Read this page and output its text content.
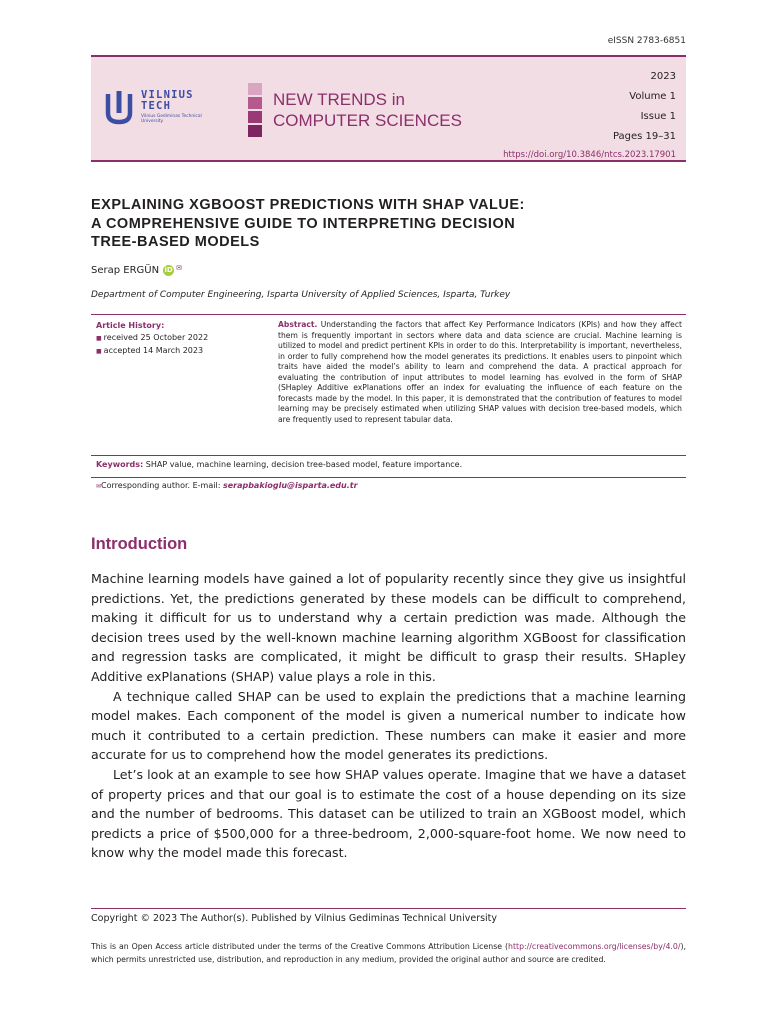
eISSN 2783-6851
VILNIUS
TECH
Vilnius Gediminas Technical University
NEW TRENDS in
COMPUTER SCIENCES
2023
Volume 1
Issue 1
Pages 19–31
https://doi.org/10.3846/ntcs.2023.17901
EXPLAINING XGBOOST PREDICTIONS WITH SHAP VALUE:
A COMPREHENSIVE GUIDE TO INTERPRETING DECISION
TREE-BASED MODELS
Serap ERGÜN iD ✉
Department of Computer Engineering, Isparta University of Applied Sciences, Isparta, Turkey
Article History:
■ received 25 October 2022
■ accepted 14 March 2023
Abstract. Understanding the factors that affect Key Performance Indicators (KPIs) and how they affect them is frequently important in sectors where data and data science are crucial. Machine learning is utilized to model and predict pertinent KPIs in order to do this. Interpretability is important, nevertheless, in order to fully comprehend how the model generates its predictions. It enables users to pinpoint which traits have aided the model’s ability to learn and comprehend the data. A practical approach for evaluating the contribution of input attributes to model learning has evolved in the form of SHAP (SHapley Additive exPlanations offer an index for evaluating the influence of each feature on the forecasts made by the model. In this paper, it is demonstrated that the contribution of features to model learning may be precisely estimated when utilizing SHAP values with decision tree-based models, which are frequently used to represent tabular data.
Keywords: SHAP value, machine learning, decision tree-based model, feature importance.
✉Corresponding author. E-mail: serapbakioglu@isparta.edu.tr
Introduction

Machine learning models have gained a lot of popularity recently since they give us insightful predictions. Yet, the predictions generated by these models can be difficult to comprehend, making it difficult for us to understand why a certain prediction was made. Although the decision trees used by the well-known machine learning algorithm XGBoost for classification and regression tasks are complicated, it might be difficult to grasp their results. SHapley Additive exPlanations (SHAP) value plays a role in this.

A technique called SHAP can be used to explain the predictions that a machine learning model makes. Each component of the model is given a numerical number to indicate how much it contributed to a certain prediction. These numbers can make it easier and more accurate for us to comprehend how the model generates its predictions.

Let’s look at an example to see how SHAP values operate. Imagine that we have a dataset of property prices and that our goal is to estimate the cost of a house depending on its size and the number of bedrooms. This dataset can be utilized to train an XGBoost model, which predicts a price of $500,000 for a three-bedroom, 2,000-square-foot home. We now need to know why the model made this forecast.

Copyright © 2023 The Author(s). Published by Vilnius Gediminas Technical University
This is an Open Access article distributed under the terms of the Creative Commons Attribution License (http://creativecommons.org/licenses/by/4.0/), which permits unrestricted use, distribution, and reproduction in any medium, provided the original author and source are credited.
